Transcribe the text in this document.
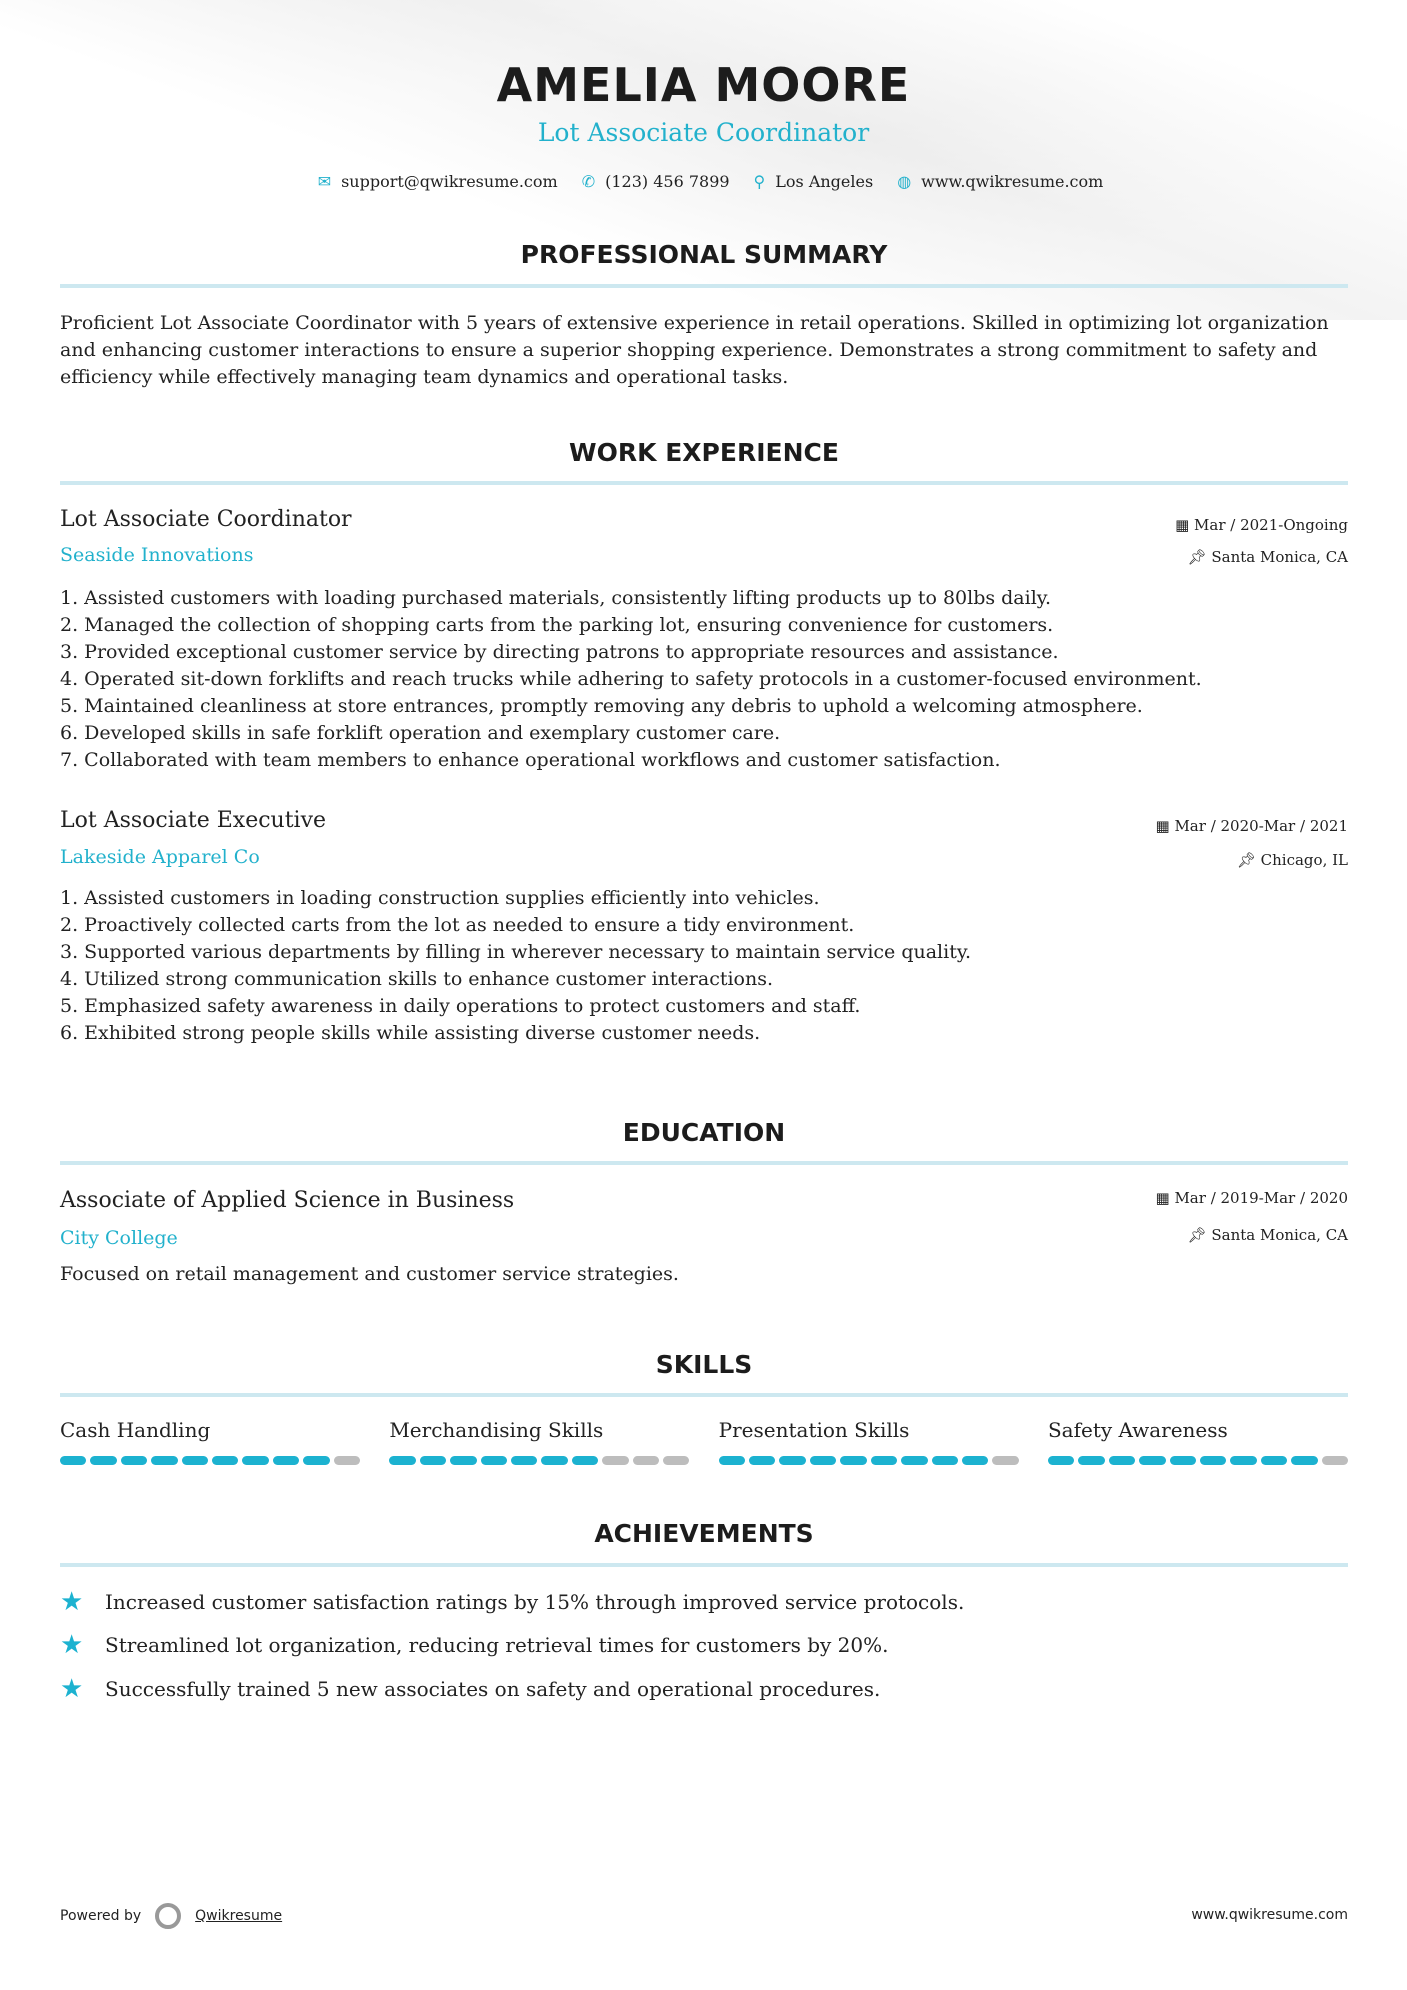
AMELIA MOORE
Lot Associate Coordinator
✉ support@qwikresume.com ✆ (123) 456 7899 ⚲ Los Angeles ◍ www.qwikresume.com
PROFESSIONAL SUMMARY
Proficient Lot Associate Coordinator with 5 years of extensive experience in retail operations. Skilled in optimizing lot organization and enhancing customer interactions to ensure a superior shopping experience. Demonstrates a strong commitment to safety and efficiency while effectively managing team dynamics and operational tasks.
WORK EXPERIENCE
Lot Associate Coordinator	▦ Mar / 2021-Ongoing
Seaside Innovations	📌︎ Santa Monica, CA
1. Assisted customers with loading purchased materials, consistently lifting products up to 80lbs daily.
2. Managed the collection of shopping carts from the parking lot, ensuring convenience for customers.
3. Provided exceptional customer service by directing patrons to appropriate resources and assistance.
4. Operated sit-down forklifts and reach trucks while adhering to safety protocols in a customer-focused environment.
5. Maintained cleanliness at store entrances, promptly removing any debris to uphold a welcoming atmosphere.
6. Developed skills in safe forklift operation and exemplary customer care.
7. Collaborated with team members to enhance operational workflows and customer satisfaction.
Lot Associate Executive	▦ Mar / 2020-Mar / 2021
Lakeside Apparel Co	📌︎ Chicago, IL
1. Assisted customers in loading construction supplies efficiently into vehicles.
2. Proactively collected carts from the lot as needed to ensure a tidy environment.
3. Supported various departments by filling in wherever necessary to maintain service quality.
4. Utilized strong communication skills to enhance customer interactions.
5. Emphasized safety awareness in daily operations to protect customers and staff.
6. Exhibited strong people skills while assisting diverse customer needs.
EDUCATION
Associate of Applied Science in Business	▦ Mar / 2019-Mar / 2020
City College	📌︎ Santa Monica, CA
Focused on retail management and customer service strategies.
SKILLS
Cash Handling	Merchandising Skills	Presentation Skills	Safety Awareness
ACHIEVEMENTS
★	Increased customer satisfaction ratings by 15% through improved service protocols.
★	Streamlined lot organization, reducing retrieval times for customers by 20%.
★	Successfully trained 5 new associates on safety and operational procedures.
Powered by	Qwikresume	www.qwikresume.com
